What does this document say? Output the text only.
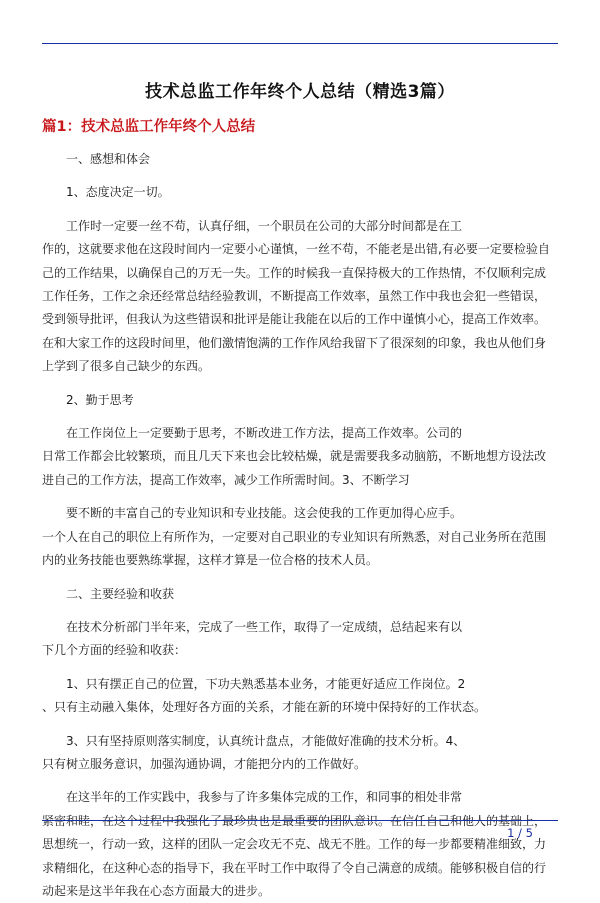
技术总监工作年终个人总结（精选3篇）
篇1：技术总监工作年终个人总结
一、感想和体会
1、态度决定一切。
工作时一定要一丝不苟，认真仔细，一个职员在公司的大部分时间都是在工
作的，这就要求他在这段时间内一定要小心谨慎，一丝不苟，不能老是出错,有必要一定要检验自
己的工作结果，以确保自己的万无一失。工作的时候我一直保持极大的工作热情，不仅顺利完成
工作任务，工作之余还经常总结经验教训，不断提高工作效率，虽然工作中我也会犯一些错误，
受到领导批评，但我认为这些错误和批评是能让我能在以后的工作中谨慎小心，提高工作效率。
在和大家工作的这段时间里，他们激情饱满的工作作风给我留下了很深刻的印象，我也从他们身
上学到了很多自己缺少的东西。
2、勤于思考
在工作岗位上一定要勤于思考，不断改进工作方法，提高工作效率。公司的
日常工作都会比较繁琐，而且几天下来也会比较枯燥，就是需要我多动脑筋，不断地想方设法改
进自己的工作方法，提高工作效率，减少工作所需时间。3、不断学习
要不断的丰富自己的专业知识和专业技能。这会使我的工作更加得心应手。
一个人在自己的职位上有所作为，一定要对自己职业的专业知识有所熟悉，对自己业务所在范围
内的业务技能也要熟练掌握，这样才算是一位合格的技术人员。
二、主要经验和收获
在技术分析部门半年来，完成了一些工作，取得了一定成绩，总结起来有以
下几个方面的经验和收获：
1、只有摆正自己的位置，下功夫熟悉基本业务，才能更好适应工作岗位。2
、只有主动融入集体，处理好各方面的关系，才能在新的环境中保持好的工作状态。
3、只有坚持原则落实制度，认真统计盘点，才能做好准确的技术分析。4、
只有树立服务意识，加强沟通协调，才能把分内的工作做好。
在这半年的工作实践中，我参与了许多集体完成的工作，和同事的相处非常
紧密和睦，在这个过程中我强化了最珍贵也是最重要的团队意识。在信任自己和他人的基础上，
思想统一，行动一致，这样的团队一定会攻无不克、战无不胜。工作的每一步都要精准细致，力
求精细化，在这种心态的指导下，我在平时工作中取得了令自己满意的成绩。能够积极自信的行
动起来是这半年我在心态方面最大的进步。
1 / 5
